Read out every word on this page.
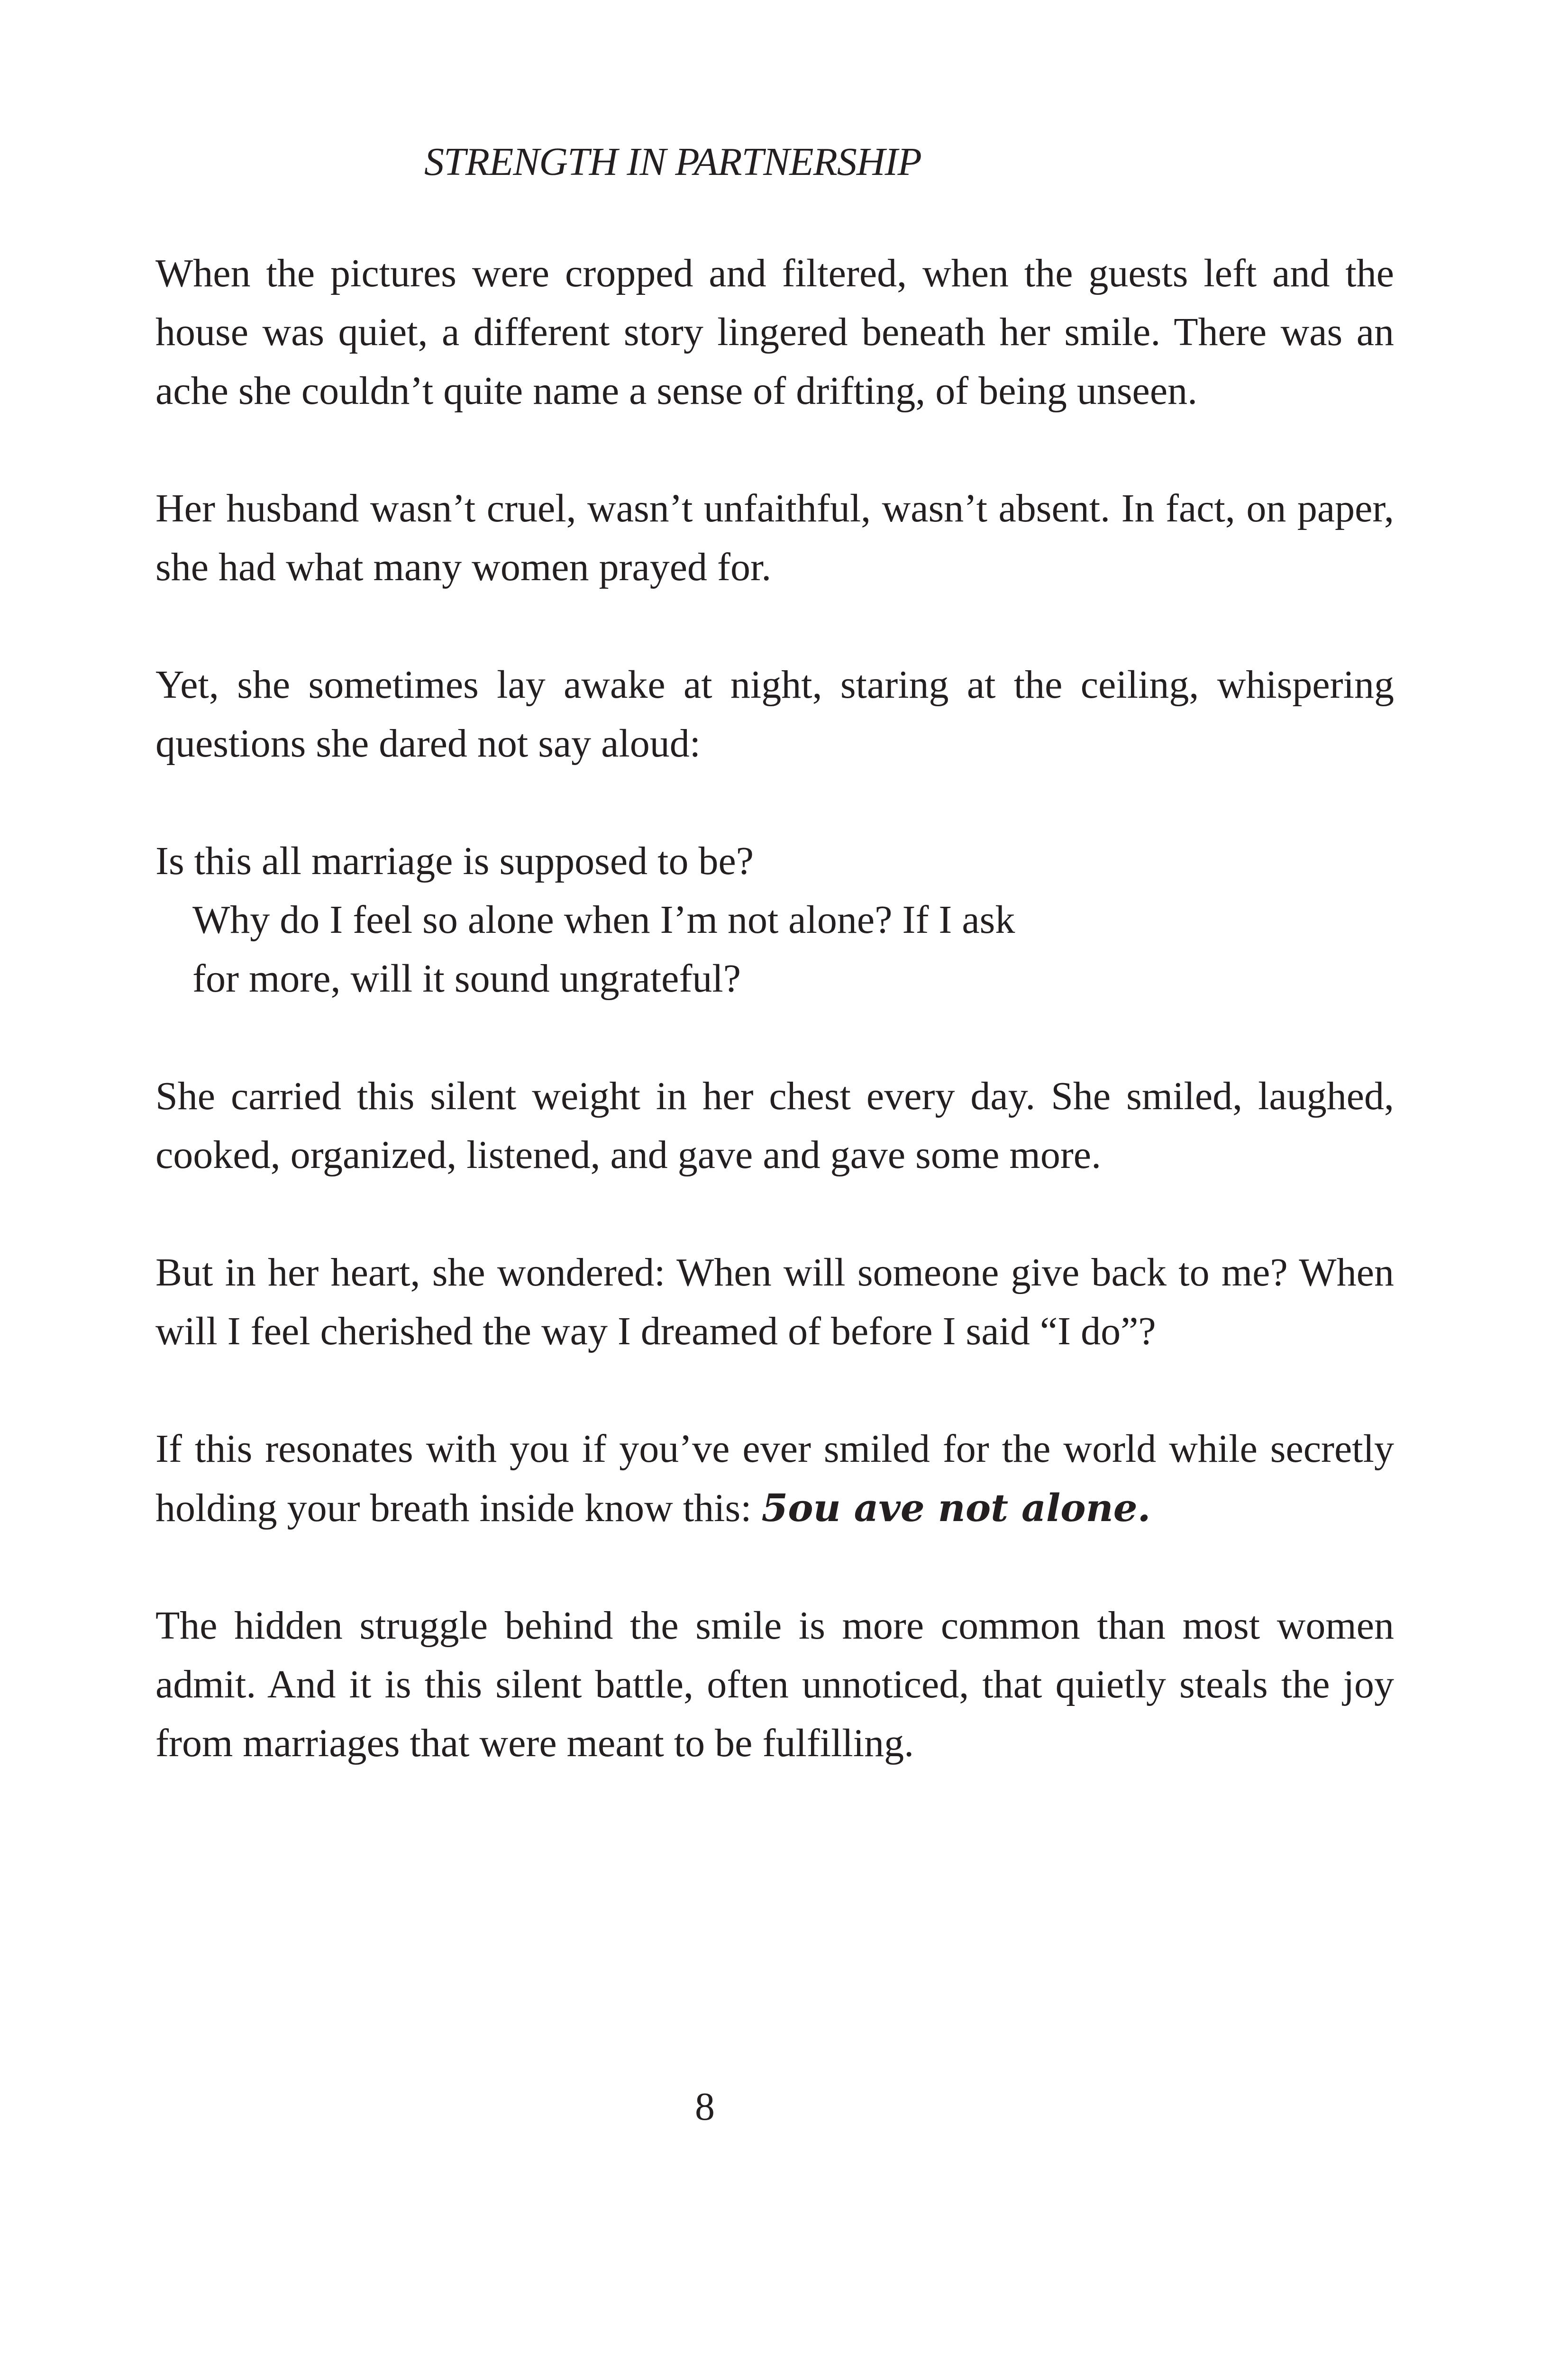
STRENGTH IN PARTNERSHIP

When the pictures were cropped and filtered, when the guests left and the house was quiet, a different story lingered beneath her smile. There was an ache she couldn’t quite name a sense of drifting, of being unseen.

Her husband wasn’t cruel, wasn’t unfaithful, wasn’t absent. In fact, on paper, she had what many women prayed for.

Yet, she sometimes lay awake at night, staring at the ceiling, whispering questions she dared not say aloud:

Is this all marriage is supposed to be?
Why do I feel so alone when I’m not alone? If I ask
for more, will it sound ungrateful?

She carried this silent weight in her chest every day. She smiled, laughed, cooked, organized, listened, and gave and gave some more.

But in her heart, she wondered: When will someone give back to me? When will I feel cherished the way I dreamed of before I said “I do”?

If this resonates with you if you’ve ever smiled for the world while secretly holding your breath inside know this: 5ou ave not alone.

The hidden struggle behind the smile is more common than most women admit. And it is this silent battle, often unnoticed, that quietly steals the joy from marriages that were meant to be fulfilling.

8
